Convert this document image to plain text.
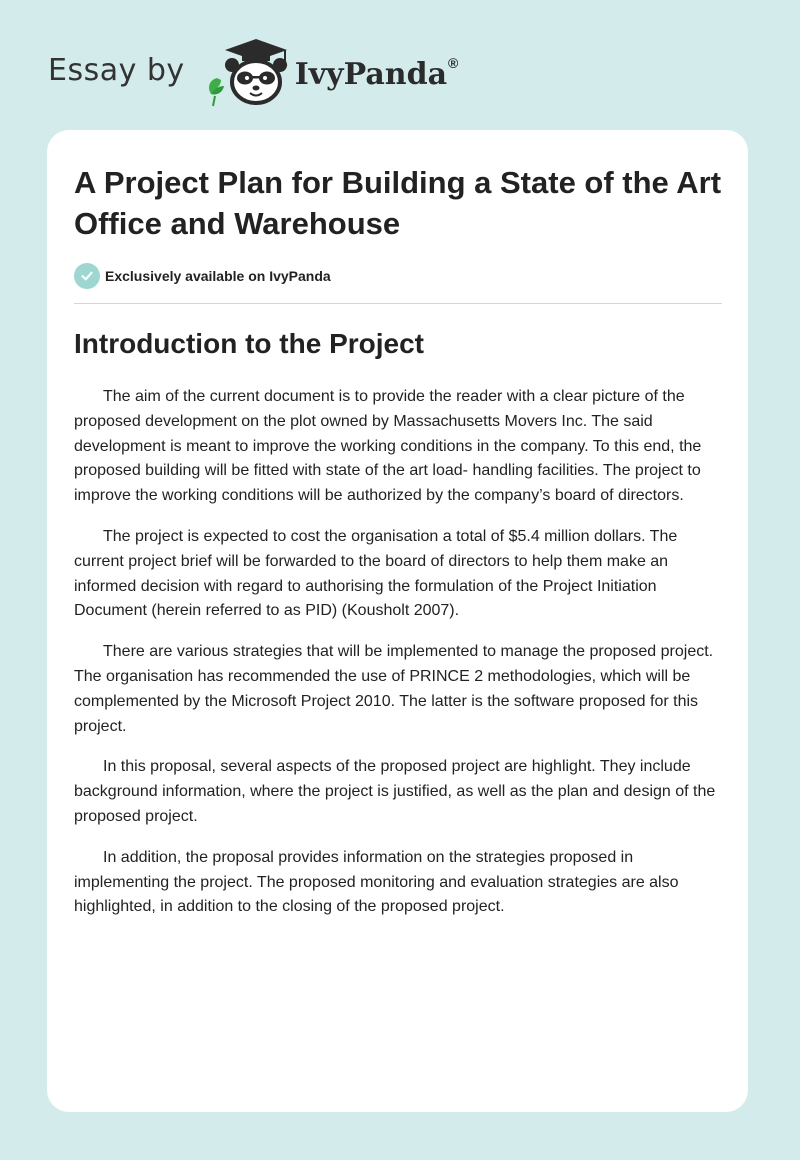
Essay by	IvyPanda®
A Project Plan for Building a State of the Art Office and Warehouse
Exclusively available on IvyPanda
Introduction to the Project

The aim of the current document is to provide the reader with a clear picture of the proposed development on the plot owned by Massachusetts Movers Inc. The said development is meant to improve the working conditions in the company. To this end, the proposed building will be fitted with state of the art load- handling facilities. The project to improve the working conditions will be authorized by the company’s board of directors.

The project is expected to cost the organisation a total of $5.4 million dollars. The current project brief will be forwarded to the board of directors to help them make an informed decision with regard to authorising the formulation of the Project Initiation Document (herein referred to as PID) (Kousholt 2007).

There are various strategies that will be implemented to manage the proposed project. The organisation has recommended the use of PRINCE 2 methodologies, which will be complemented by the Microsoft Project 2010. The latter is the software proposed for this project.

In this proposal, several aspects of the proposed project are highlight. They include background information, where the project is justified, as well as the plan and design of the proposed project.

In addition, the proposal provides information on the strategies proposed in implementing the project. The proposed monitoring and evaluation strategies are also highlighted, in addition to the closing of the proposed project.
